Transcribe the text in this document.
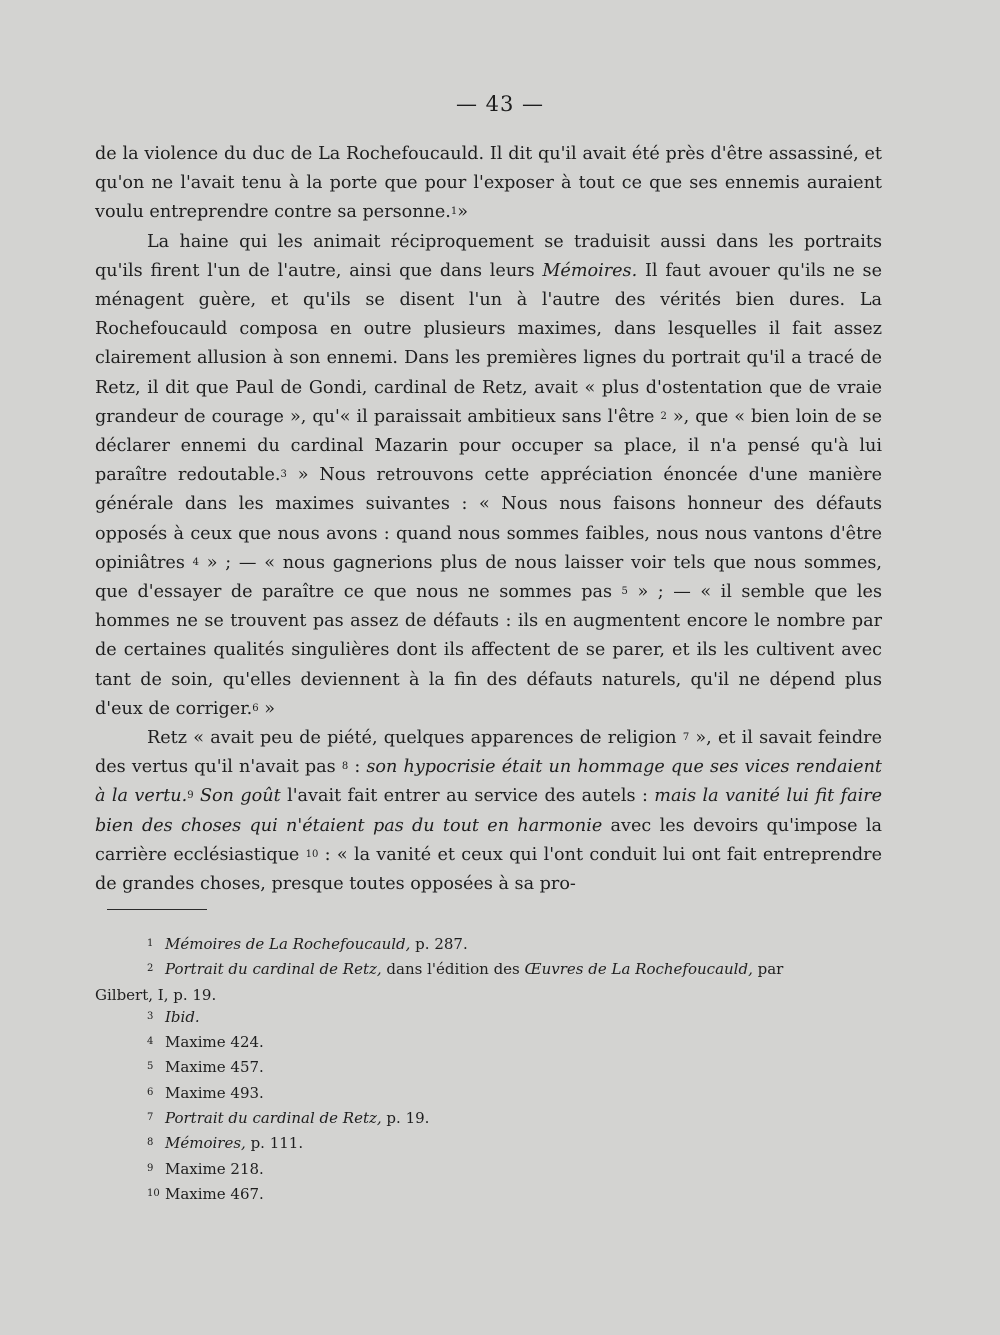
— 43 —

de la violence du duc de La Rochefoucauld. Il dit qu'il avait été près d'être assassiné, et qu'on ne l'avait tenu à la porte que pour l'exposer à tout ce que ses ennemis auraient voulu entreprendre contre sa personne.$^1$»

La haine qui les animait réciproquement se traduisit aussi dans les portraits qu'ils firent l'un de l'autre, ainsi que dans leurs Mémoires. Il faut avouer qu'ils ne se ménagent guère, et qu'ils se disent l'un à l'autre des vérités bien dures. La Rochefoucauld composa en outre plusieurs maximes, dans lesquelles il fait assez clairement allusion à son ennemi. Dans les premières lignes du portrait qu'il a tracé de Retz, il dit que Paul de Gondi, cardinal de Retz, avait « plus d'ostentation que de vraie grandeur de courage », qu'« il paraissait ambitieux sans l'être $^2$ », que « bien loin de se déclarer ennemi du cardinal Mazarin pour occuper sa place, il n'a pensé qu'à lui paraître redoutable.$^3$ » Nous retrouvons cette appréciation énoncée d'une manière générale dans les maximes suivantes : « Nous nous faisons honneur des défauts opposés à ceux que nous avons : quand nous sommes faibles, nous nous vantons d'être opiniâtres $^4$ » ; — « nous gagnerions plus de nous laisser voir tels que nous sommes, que d'essayer de paraître ce que nous ne sommes pas $^5$ » ; — « il semble que les hommes ne se trouvent pas assez de défauts : ils en augmentent encore le nombre par de certaines qualités singulières dont ils affectent de se parer, et ils les cultivent avec tant de soin, qu'elles deviennent à la fin des défauts naturels, qu'il ne dépend plus d'eux de corriger.$^6$ »

Retz « avait peu de piété, quelques apparences de religion $^7$ », et il savait feindre des vertus qu'il n'avait pas $^8$ : son hypocrisie était un hommage que ses vices rendaient à la vertu.$^9$ Son goût l'avait fait entrer au service des autels : mais la vanité lui fit faire bien des choses qui n'étaient pas du tout en harmonie avec les devoirs qu'impose la carrière ecclésiastique $^{10}$ : « la vanité et ceux qui l'ont conduit lui ont fait entreprendre de grandes choses, presque toutes opposées à sa pro-

1 Mémoires de La Rochefoucauld, p. 287.
2 Portrait du cardinal de Retz, dans l'édition des Œuvres de La Rochefoucauld, par
Gilbert, I, p. 19.
3 Ibid.
4 Maxime 424.
5 Maxime 457.
6 Maxime 493.
7 Portrait du cardinal de Retz, p. 19.
8 Mémoires, p. 111.
9 Maxime 218.
10 Maxime 467.
